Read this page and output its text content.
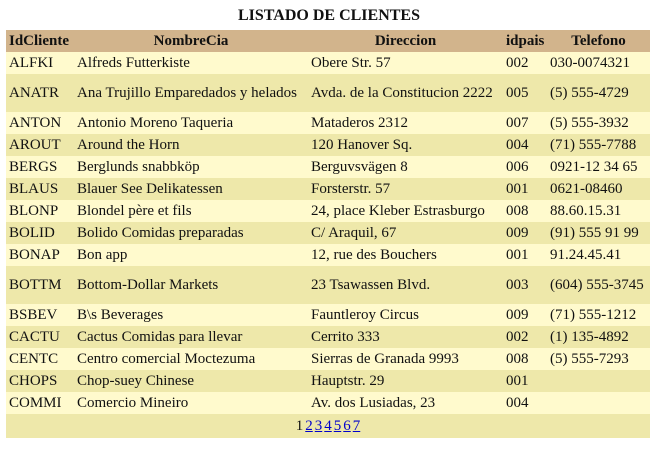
LISTADO DE CLIENTES
IdCliente	NombreCia	Direccion	idpais	Telefono
ALFKI	Alfreds Futterkiste	Obere Str. 57	002	030-0074321
ANATR	Ana Trujillo Emparedados y helados	Avda. de la Constitucion 2222	005	(5) 555-4729
ANTON	Antonio Moreno Taqueria	Mataderos 2312	007	(5) 555-3932
AROUT	Around the Horn	120 Hanover Sq.	004	(71) 555-7788
BERGS	Berglunds snabbköp	Berguvsvägen 8	006	0921-12 34 65
BLAUS	Blauer See Delikatessen	Forsterstr. 57	001	0621-08460
BLONP	Blondel père et fils	24, place Kleber Estrasburgo	008	88.60.15.31
BOLID	Bolido Comidas preparadas	C/ Araquil, 67	009	(91) 555 91 99
BONAP	Bon app	12, rue des Bouchers	001	91.24.45.41
BOTTM	Bottom-Dollar Markets	23 Tsawassen Blvd.	003	(604) 555-3745
BSBEV	B\s Beverages	Fauntleroy Circus	009	(71) 555-1212
CACTU	Cactus Comidas para llevar	Cerrito 333	002	(1) 135-4892
CENTC	Centro comercial Moctezuma	Sierras de Granada 9993	008	(5) 555-7293
CHOPS	Chop-suey Chinese	Hauptstr. 29	001	
COMMI	Comercio Mineiro	Av. dos Lusiadas, 23	004	
1 2 3 4 5 6 7				
